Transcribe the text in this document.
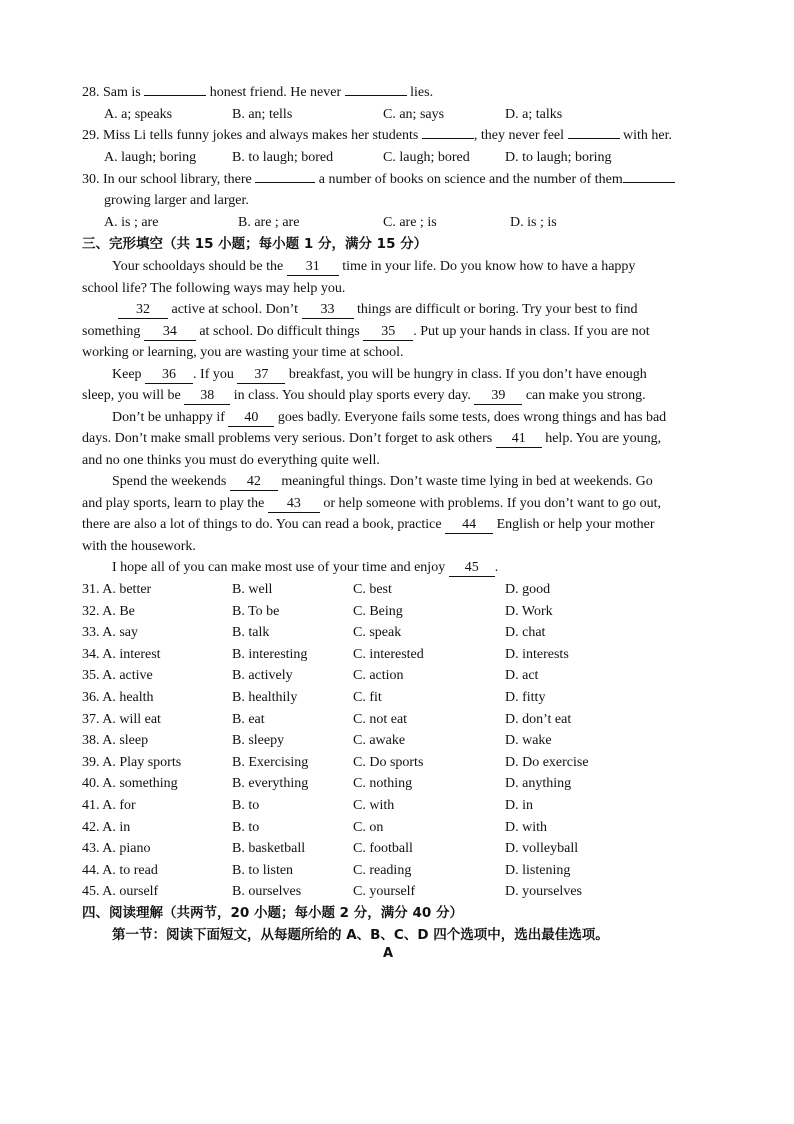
28. Sam is	honest friend. He never	lies.
A. a; speaks	B. an; tells	C. an; says	D. a; talks
29. Miss Li tells funny jokes and always makes her students	, they never feel	with her.
A. laugh; boring	B. to laugh; bored	C. laugh; bored	D. to laugh; boring
30. In our school library, there	a number of books on science and the number of them
growing larger and larger.
A. is ; are	B. are ; are	C. are ; is	D. is ; is
三、完形填空（共 15 小题；每小题 1 分，满分 15 分）
Your schooldays should be the 31 time in your life. Do you know how to have a happy
school life? The following ways may help you.
32 active at school. Don’t 33 things are difficult or boring. Try your best to find
something 34 at school. Do difficult things 35 . Put up your hands in class. If you are not
working or learning, you are wasting your time at school.
Keep 36 . If you 37 breakfast, you will be hungry in class. If you don’t have enough
sleep, you will be 38 in class. You should play sports every day. 39 can make you strong.
Don’t be unhappy if 40 goes badly. Everyone fails some tests, does wrong things and has bad
days. Don’t make small problems very serious. Don’t forget to ask others 41 help. You are young,
and no one thinks you must do everything quite well.
Spend the weekends 42 meaningful things. Don’t waste time lying in bed at weekends. Go
and play sports, learn to play the 43 or help someone with problems. If you don’t want to go out,
there are also a lot of things to do. You can read a book, practice 44 English or help your mother
with the housework.
I hope all of you can make most use of your time and enjoy 45 .
31. A. better	B. well	C. best	D. good
32. A. Be	B. To be	C. Being	D. Work
33. A. say	B. talk	C. speak	D. chat
34. A. interest	B. interesting	C. interested	D. interests
35. A. active	B. actively	C. action	D. act
36. A. health	B. healthily	C. fit	D. fitty
37. A. will eat	B. eat	C. not eat	D. don’t eat
38. A. sleep	B. sleepy	C. awake	D. wake
39. A. Play sports	B. Exercising	C. Do sports	D. Do exercise
40. A. something	B. everything	C. nothing	D. anything
41. A. for	B. to	C. with	D. in
42. A. in	B. to	C. on	D. with
43. A. piano	B. basketball	C. football	D. volleyball
44. A. to read	B. to listen	C. reading	D. listening
45. A. ourself	B. ourselves	C. yourself	D. yourselves
四、阅读理解（共两节，20 小题；每小题 2 分，满分 40 分）
第一节：阅读下面短文，从每题所给的 A、B、C、D 四个选项中，选出最佳选项。
A
